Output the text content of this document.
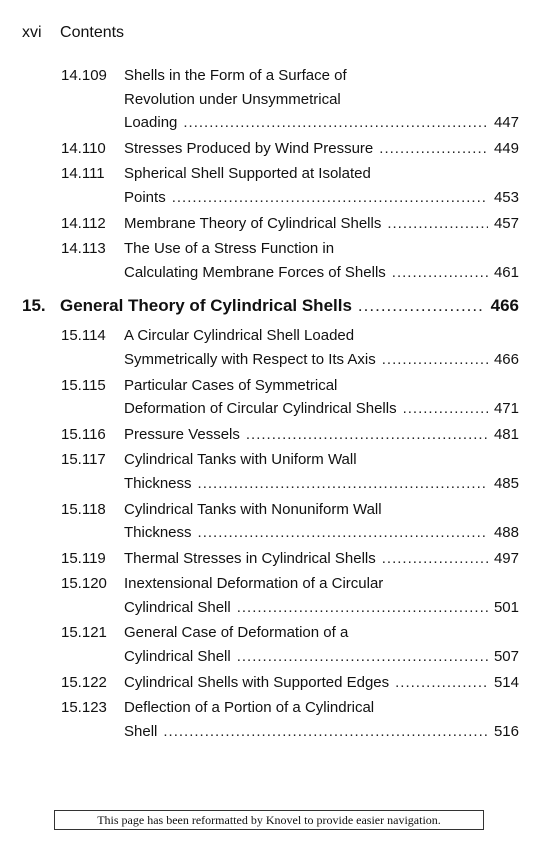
xvi Contents
14.109 Shells in the Form of a Surface of
Revolution under Unsymmetrical
Loading .....	447
14.110 Stresses Produced by Wind Pressure .....	449
14.111 Spherical Shell Supported at Isolated
Points .....	453
14.112 Membrane Theory of Cylindrical Shells .....	457
14.113 The Use of a Stress Function in
Calculating Membrane Forces of Shells .....	461
15. General Theory of Cylindrical Shells .....	466
15.114 A Circular Cylindrical Shell Loaded
Symmetrically with Respect to Its Axis .....	466
15.115 Particular Cases of Symmetrical
Deformation of Circular Cylindrical Shells .....	471
15.116 Pressure Vessels .....	481
15.117 Cylindrical Tanks with Uniform Wall
Thickness .....	485
15.118 Cylindrical Tanks with Nonuniform Wall
Thickness .....	488
15.119 Thermal Stresses in Cylindrical Shells .....	497
15.120 Inextensional Deformation of a Circular
Cylindrical Shell .....	501
15.121 General Case of Deformation of a
Cylindrical Shell .....	507
15.122 Cylindrical Shells with Supported Edges .....	514
15.123 Deflection of a Portion of a Cylindrical
Shell .....	516
This page has been reformatted by Knovel to provide easier navigation.
